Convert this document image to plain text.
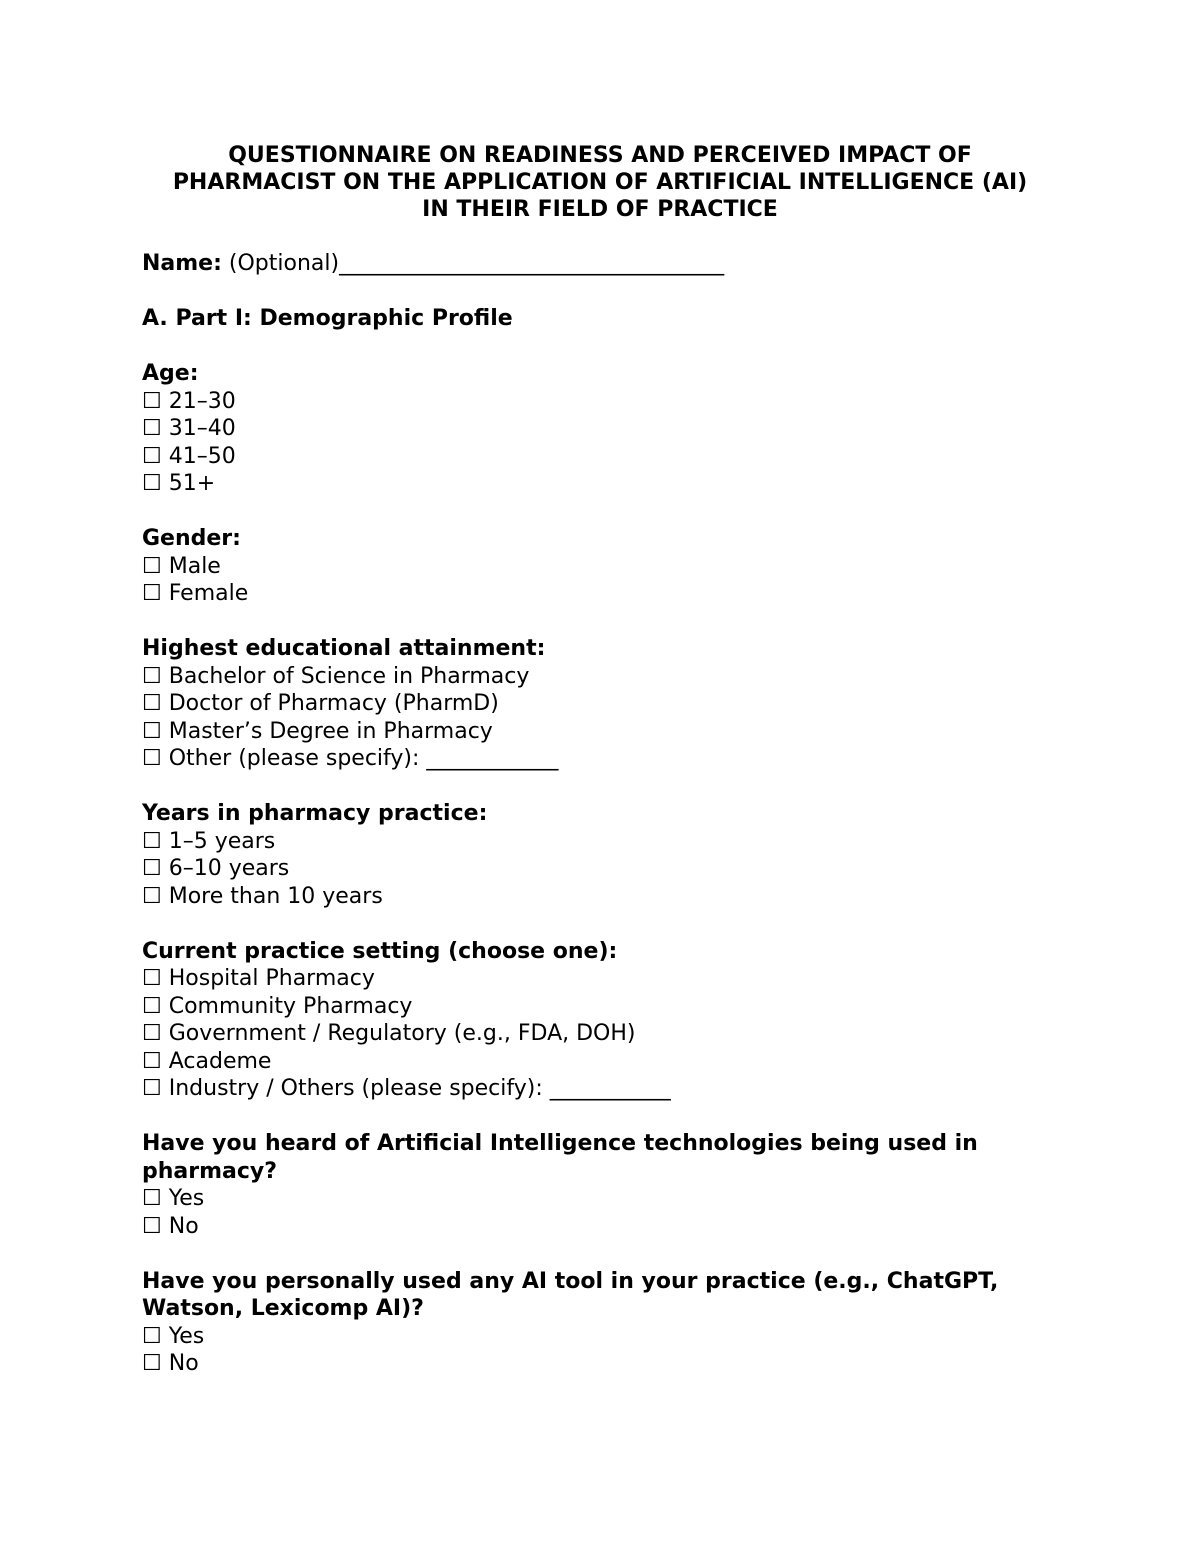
QUESTIONNAIRE ON READINESS AND PERCEIVED IMPACT OF
PHARMACIST ON THE APPLICATION OF ARTIFICIAL INTELLIGENCE (AI)
IN THEIR FIELD OF PRACTICE
Name: (Optional)___________________________________
A. Part I: Demographic Profile
Age:
☐ 21–30
☐ 31–40
☐ 41–50
☐ 51+
Gender:
☐ Male
☐ Female
Highest educational attainment:
☐ Bachelor of Science in Pharmacy
☐ Doctor of Pharmacy (PharmD)
☐ Master’s Degree in Pharmacy
☐ Other (please specify): ____________
Years in pharmacy practice:
☐ 1–5 years
☐ 6–10 years
☐ More than 10 years
Current practice setting (choose one):
☐ Hospital Pharmacy
☐ Community Pharmacy
☐ Government / Regulatory (e.g., FDA, DOH)
☐ Academe
☐ Industry / Others (please specify): ___________
Have you heard of Artificial Intelligence technologies being used in pharmacy?
☐ Yes
☐ No
Have you personally used any AI tool in your practice (e.g., ChatGPT, Watson, Lexicomp AI)?
☐ Yes
☐ No
